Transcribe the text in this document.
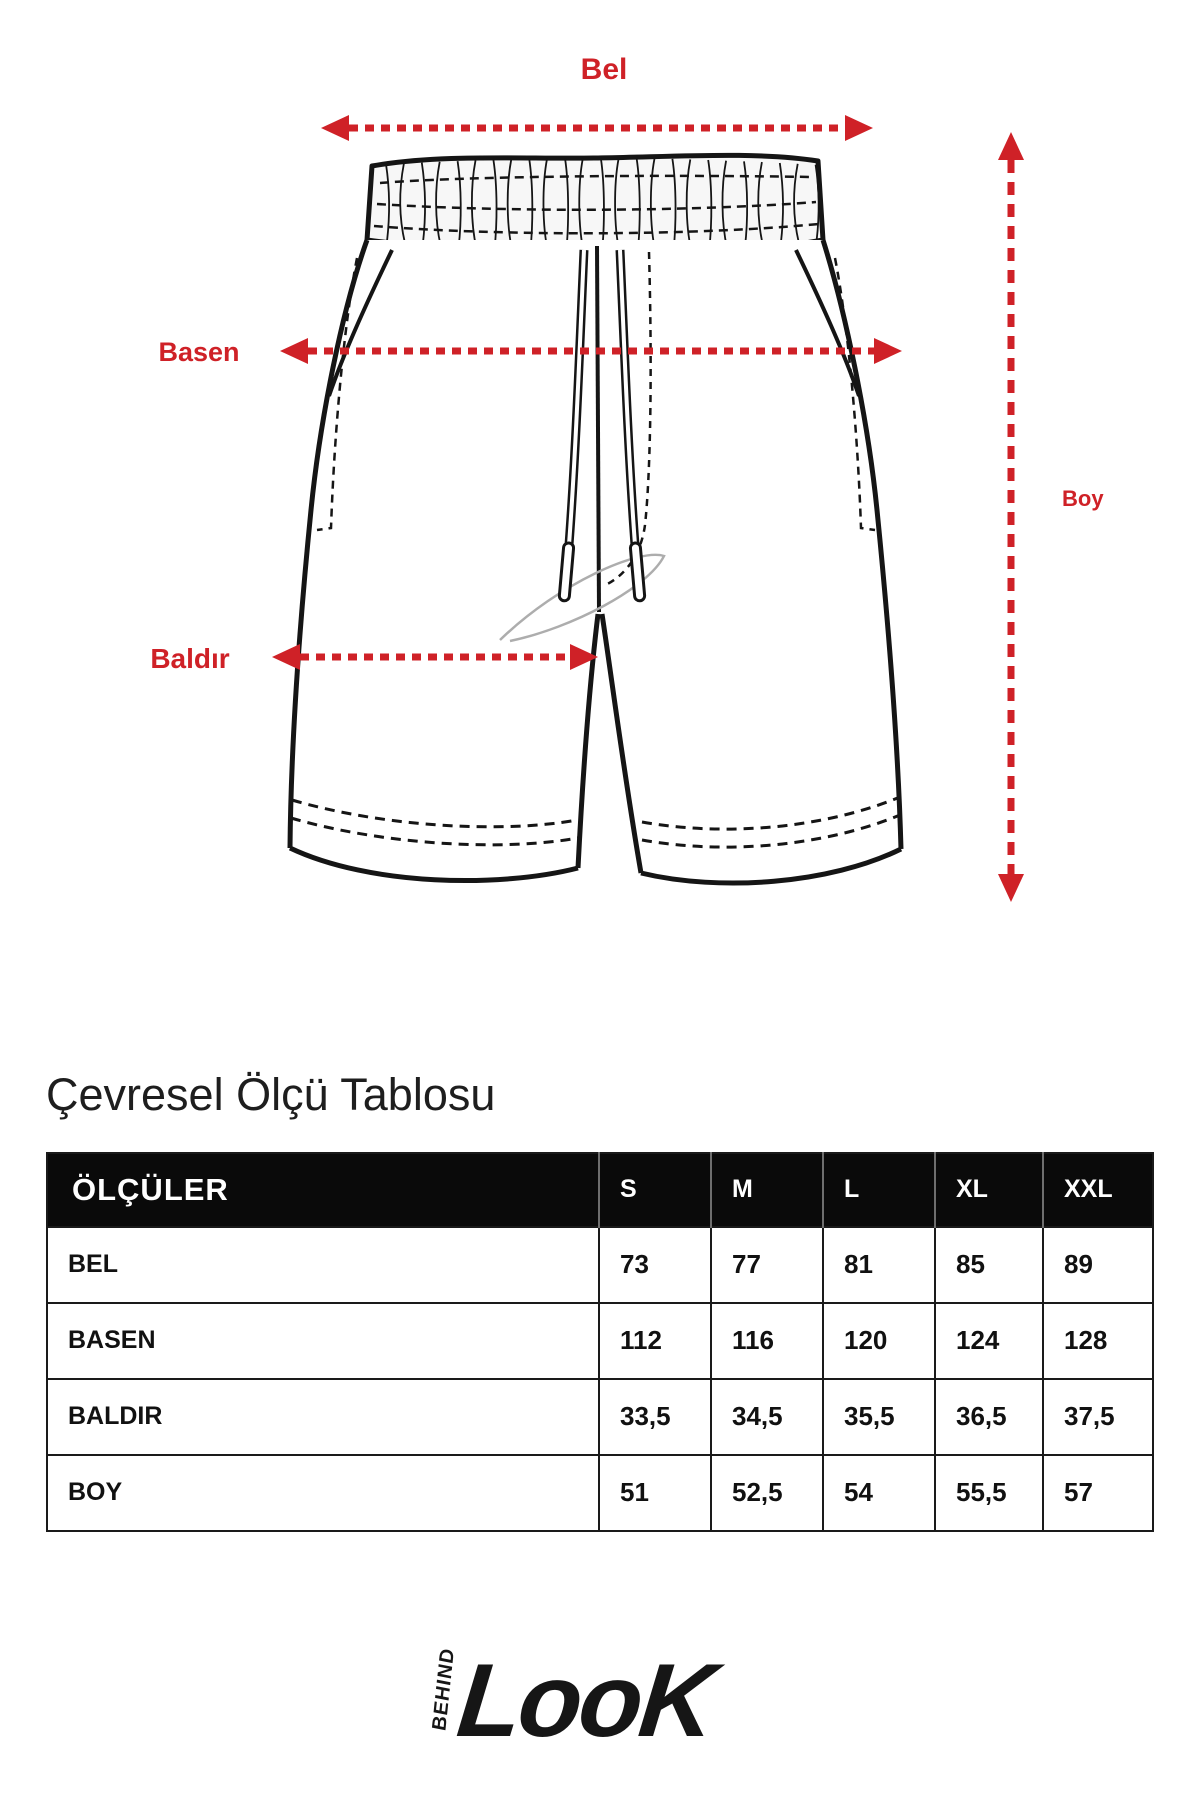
Bel
Basen
Baldır
Boy
Çevresel Ölçü Tablosu
ÖLÇÜLER	S	M	L	XL	XXL
BEL	73	77	81	85	89
BASEN	112	116	120	124	128
BALDIR	33,5	34,5	35,5	36,5	37,5
BOY	51	52,5	54	55,5	57
BEHIND
LooK
